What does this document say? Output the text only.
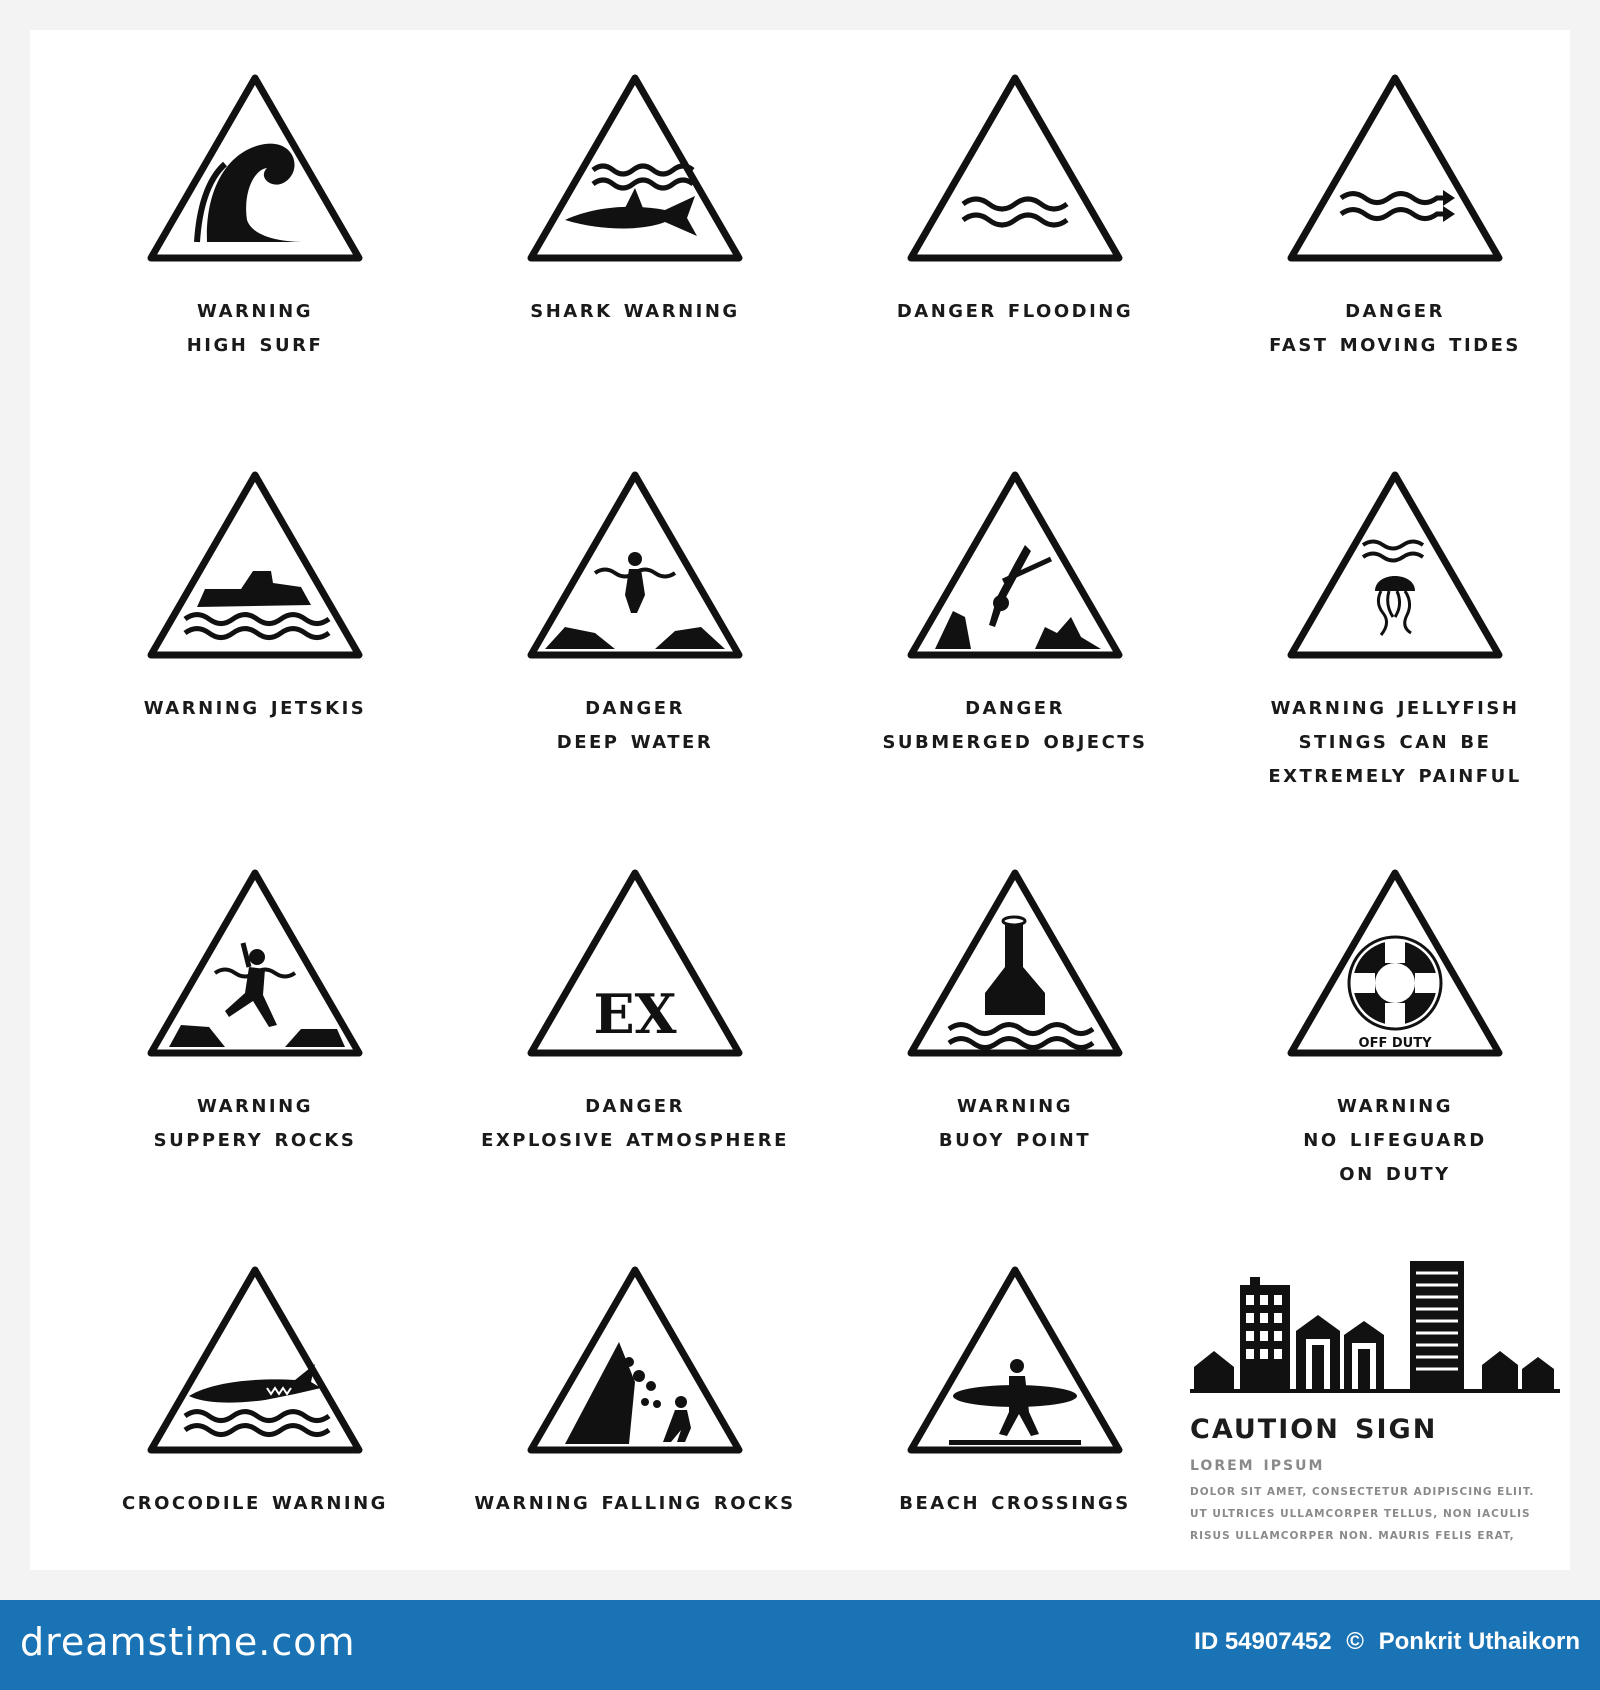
warning
high surf
shark warning	danger flooding	danger
fast moving tides
warning jetskis	danger
deep water
danger
submerged objects
warning jellyfish
stings can be
extremely painful
warning
suppery rocks
EX
danger
explosive atmosphere
warning
buoy point
OFF DUTY
warning
no lifeguard
on duty
crocodile warning	warning falling rocks	beach crossings
caution sign
lorem ipsum
DOLOR SIT AMET, CONSECTETUR ADIPISCING ELIIT.
UT ULTRICES ULLAMCORPER TELLUS, NON IACULIS
RISUS ULLAMCORPER NON. MAURIS FELIS ERAT,
dreamstime.com	ID 54907452 © Ponkrit Uthaikorn
